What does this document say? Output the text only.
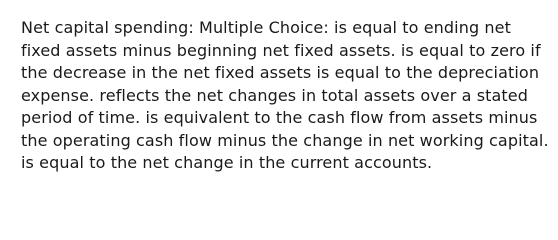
Net capital spending: Multiple Choice: is equal to ending net
fixed assets minus beginning net fixed assets. is equal to zero if
the decrease in the net fixed assets is equal to the depreciation
expense. reflects the net changes in total assets over a stated
period of time. is equivalent to the cash flow from assets minus
the operating cash flow minus the change in net working capital.
is equal to the net change in the current accounts.
